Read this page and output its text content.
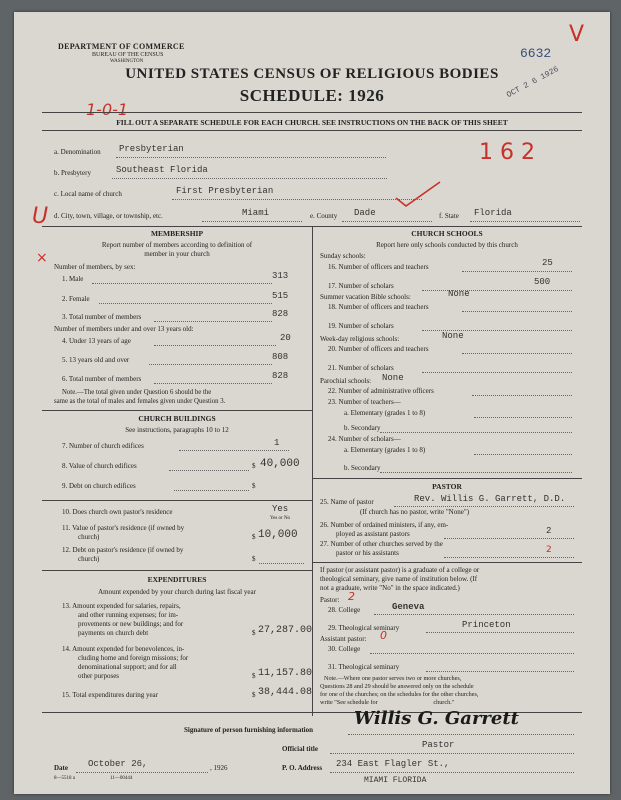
DEPARTMENT OF COMMERCE
BUREAU OF THE CENSUS
WASHINGTON
UNITED STATES CENSUS OF RELIGIOUS BODIES
SCHEDULE: 1926
6632
OCT 2 6 1926
V
1-0-1
FILL OUT A SEPARATE SCHEDULE FOR EACH CHURCH. SEE INSTRUCTIONS ON THE BACK OF THIS SHEET
a. Denomination Presbyterian	1 6 2
b. Presbytery	Southeast Florida
c. Local name of church	First Presbyterian
U d. City, town, village, or township, etc.	Miami	e. County Dade	f. State Florida
MEMBERSHIP
Report number of members according to definition of
member in your church
×
Number of members, by sex:
1. Male	313
2. Female	515
3. Total number of members	828
Number of members under and over 13 years old:
4. Under 13 years of age	20
5. 13 years old and over	808
6. Total number of members	828
Note.—The total given under Question 6 should be the
same as the total of males and females given under Question 3.
CHURCH BUILDINGS
See instructions, paragraphs 10 to 12
7. Number of church edifices	1
8. Value of church edifices	$ 40,000
9. Debt on church edifices	$
10. Does church own pastor's residence	Yes
Yes or No
11. Value of pastor's residence (if owned by
church)	$ 10,000
12. Debt on pastor's residence (if owned by
church)	$
EXPENDITURES
Amount expended by your church during last fiscal year
13. Amount expended for salaries, repairs,
and other running expenses; for im-
provements or new buildings; and for
payments on church debt	$ 27,287.00
14. Amount expended for benevolences, in-
cluding home and foreign missions; for
denominational support; and for all
other purposes	$ 11,157.80
15. Total expenditures during year	$ 38,444.08
CHURCH SCHOOLS
Report here only schools conducted by this church
Sunday schools:
16. Number of officers and teachers	25
17. Number of scholars	500
Summer vacation Bible schools:	None
18. Number of officers and teachers
19. Number of scholars
Week-day religious schools:	None
20. Number of officers and teachers
21. Number of scholars
Parochial schools: None
22. Number of administrative officers
23. Number of teachers—
a. Elementary (grades 1 to 8)
b. Secondary
24. Number of scholars—
a. Elementary (grades 1 to 8)
b. Secondary
PASTOR
25. Name of pastor	Rev. Willis G. Garrett, D.D.
(If church has no pastor, write "None")
26. Number of ordained ministers, if any, em-
ployed as assistant pastors	2
27. Number of other churches served by the
pastor or his assistants	2
If pastor (or assistant pastor) is a graduate of a college or
theological seminary, give name of institution below. (If
not a graduate, write "No" in the space indicated.)
Pastor: 2
28. College	Geneva
29. Theological seminary	Princeton
Assistant pastor: 0
30. College
31. Theological seminary
Note.—Where one pastor serves two or more churches,
Questions 28 and 29 should be answered only on the schedule
for one of the churches; on the schedules for the other churches,
write "See schedule for                                    church."
Signature of person furnishing information
Willis G. Garrett
Official title	Pastor
Date October 26,	, 1926	P. O. Address 234 East Flagler St.,
MIAMI FLORIDA
8—5518 a	11—00444
